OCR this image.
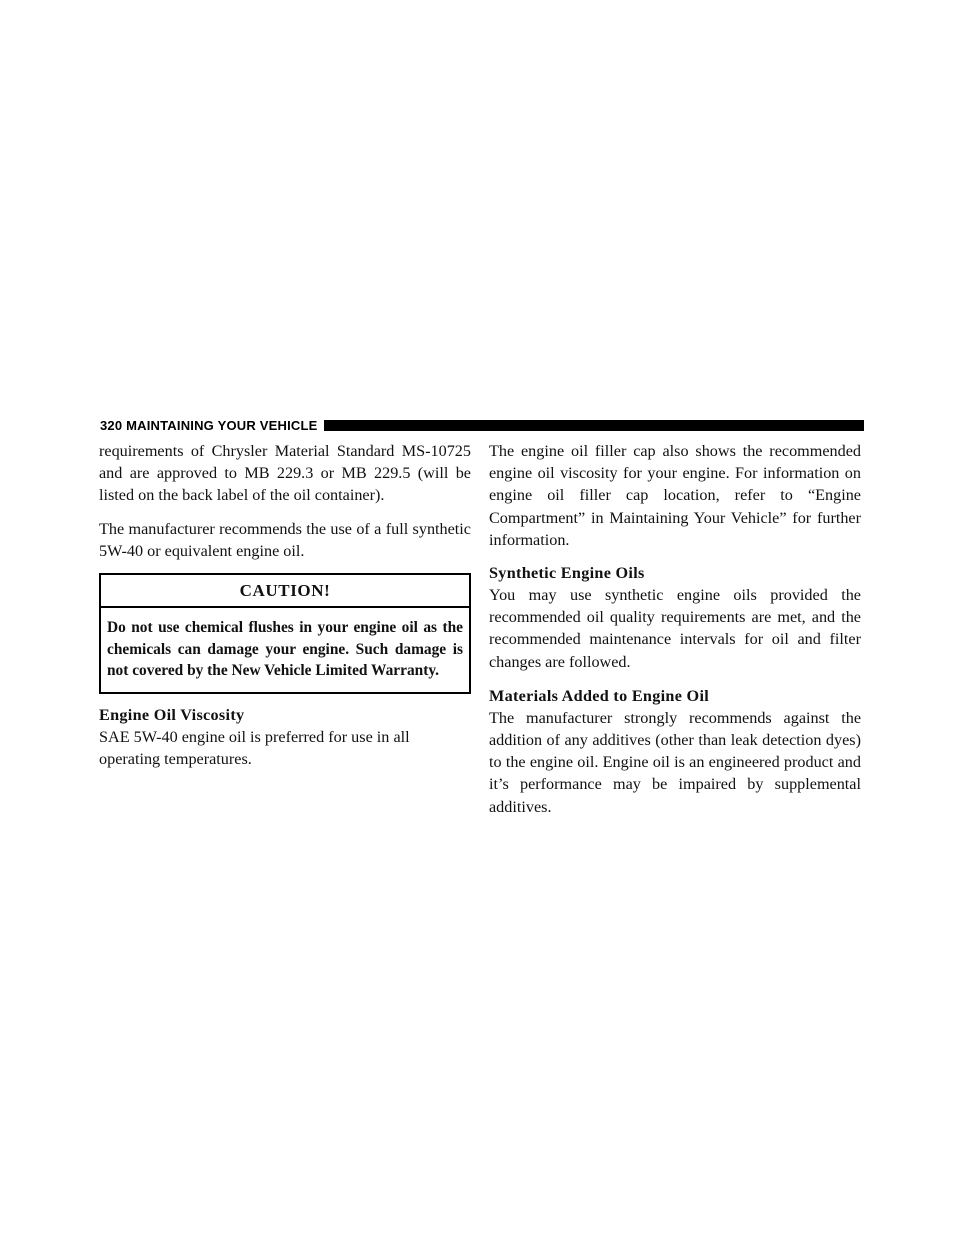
320 MAINTAINING YOUR VEHICLE

requirements of Chrysler Material Standard MS-10725 and are approved to MB 229.3 or MB 229.5 (will be listed on the back label of the oil container).

The manufacturer recommends the use of a full synthetic 5W-40 or equivalent engine oil.

CAUTION!
Do not use chemical flushes in your engine oil as the chemicals can damage your engine. Such damage is not covered by the New Vehicle Limited Warranty.
Engine Oil Viscosity

SAE 5W-40 engine oil is preferred for use in all operating temperatures.

The engine oil filler cap also shows the recommended engine oil viscosity for your engine. For information on engine oil filler cap location, refer to “Engine Compartment” in Maintaining Your Vehicle” for further information.

Synthetic Engine Oils

You may use synthetic engine oils provided the recommended oil quality requirements are met, and the recommended maintenance intervals for oil and filter changes are followed.

Materials Added to Engine Oil

The manufacturer strongly recommends against the addition of any additives (other than leak detection dyes) to the engine oil. Engine oil is an engineered product and it’s performance may be impaired by supplemental additives.
